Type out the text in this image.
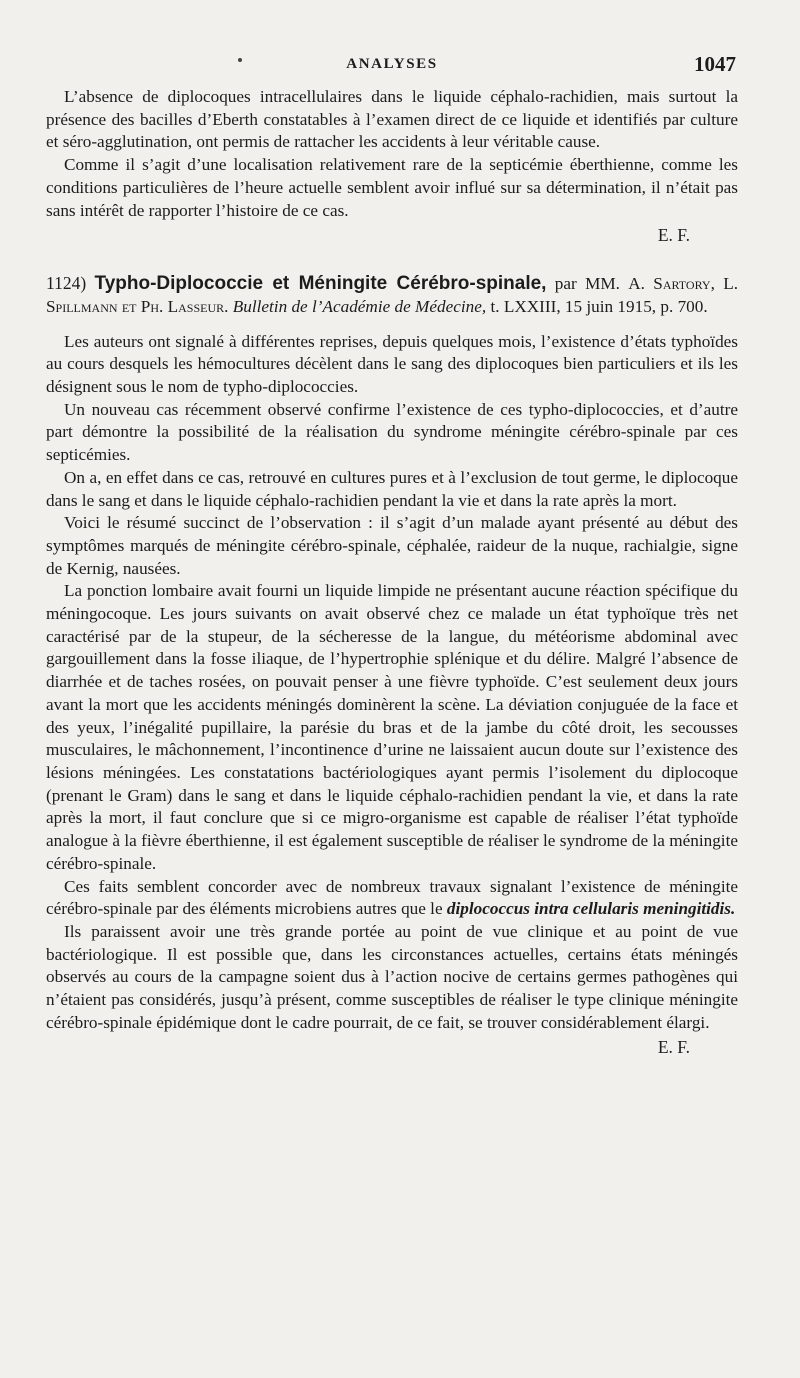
ANALYSES	1047

L’absence de diplocoques intracellulaires dans le liquide céphalo-rachidien, mais surtout la présence des bacilles d’Eberth constatables à l’examen direct de ce liquide et identifiés par culture et séro-agglutination, ont permis de rattacher les accidents à leur véritable cause.

Comme il s’agit d’une localisation relativement rare de la septicémie éberthienne, comme les conditions particulières de l’heure actuelle semblent avoir influé sur sa détermination, il n’était pas sans intérêt de rapporter l’histoire de ce cas.

E. F.
1124) Typho-Diplococcie et Méningite Cérébro-spinale, par MM. A. Sartory, L. Spillmann et Ph. Lasseur. Bulletin de l’Académie de Médecine, t. LXXIII, 15 juin 1915, p. 700.

Les auteurs ont signalé à différentes reprises, depuis quelques mois, l’existence d’états typhoïdes au cours desquels les hémocultures décèlent dans le sang des diplocoques bien particuliers et ils les désignent sous le nom de typho-diplococcies.

Un nouveau cas récemment observé confirme l’existence de ces typho-diplococcies, et d’autre part démontre la possibilité de la réalisation du syndrome méningite cérébro-spinale par ces septicémies.

On a, en effet dans ce cas, retrouvé en cultures pures et à l’exclusion de tout germe, le diplocoque dans le sang et dans le liquide céphalo-rachidien pendant la vie et dans la rate après la mort.

Voici le résumé succinct de l’observation : il s’agit d’un malade ayant présenté au début des symptômes marqués de méningite cérébro-spinale, céphalée, raideur de la nuque, rachialgie, signe de Kernig, nausées.

La ponction lombaire avait fourni un liquide limpide ne présentant aucune réaction spécifique du méningocoque. Les jours suivants on avait observé chez ce malade un état typhoïque très net caractérisé par de la stupeur, de la sécheresse de la langue, du météorisme abdominal avec gargouillement dans la fosse iliaque, de l’hypertrophie splénique et du délire. Malgré l’absence de diarrhée et de taches rosées, on pouvait penser à une fièvre typhoïde. C’est seulement deux jours avant la mort que les accidents méningés dominèrent la scène. La déviation conjuguée de la face et des yeux, l’inégalité pupillaire, la parésie du bras et de la jambe du côté droit, les secousses musculaires, le mâchonnement, l’incontinence d’urine ne laissaient aucun doute sur l’existence des lésions méningées. Les constatations bactériologiques ayant permis l’isolement du diplocoque (prenant le Gram) dans le sang et dans le liquide céphalo-rachidien pendant la vie, et dans la rate après la mort, il faut conclure que si ce migro-organisme est capable de réaliser l’état typhoïde analogue à la fièvre éberthienne, il est également susceptible de réaliser le syndrome de la méningite cérébro-spinale.

Ces faits semblent concorder avec de nombreux travaux signalant l’existence de méningite cérébro-spinale par des éléments microbiens autres que le diplococcus intra cellularis meningitidis.

Ils paraissent avoir une très grande portée au point de vue clinique et au point de vue bactériologique. Il est possible que, dans les circonstances actuelles, certains états méningés observés au cours de la campagne soient dus à l’action nocive de certains germes pathogènes qui n’étaient pas considérés, jusqu’à présent, comme susceptibles de réaliser le type clinique méningite cérébro-spinale épidémique dont le cadre pourrait, de ce fait, se trouver considérablement élargi.

E. F.
